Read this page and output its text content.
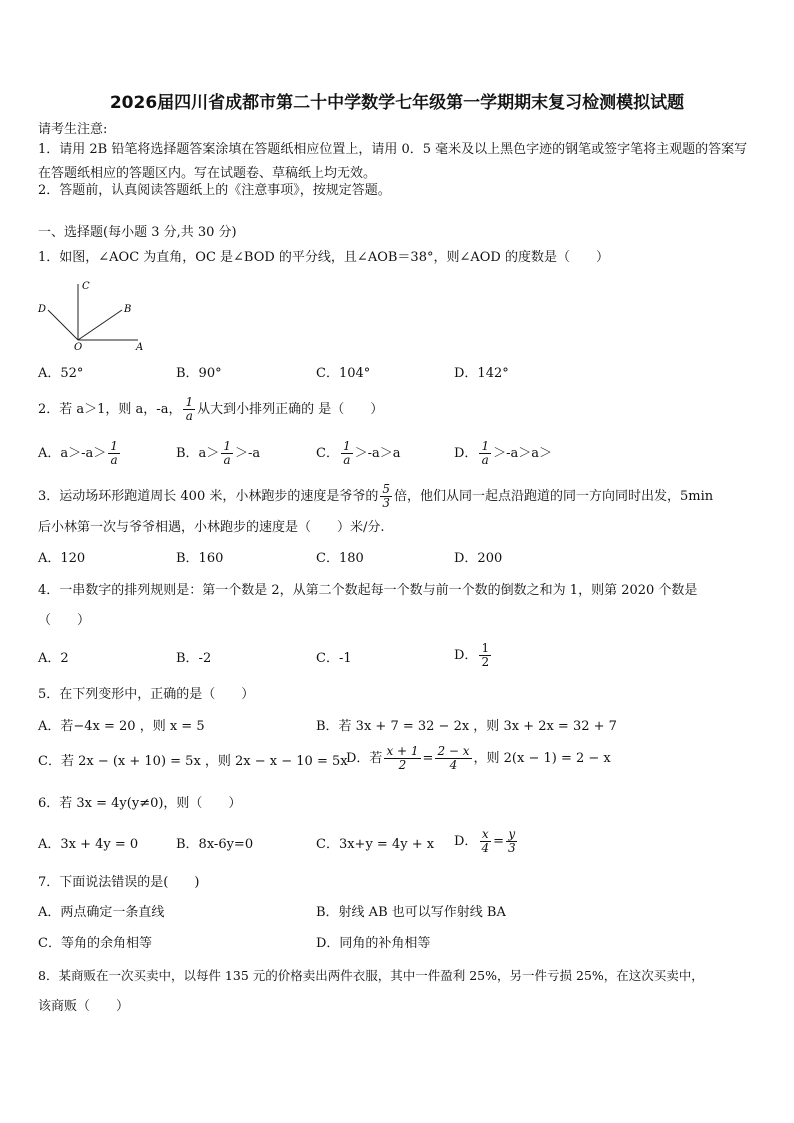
2026届四川省成都市第二十中学数学七年级第一学期期末复习检测模拟试题
请考生注意:
1．请用 2B 铅笔将选择题答案涂填在答题纸相应位置上，请用 0．5 毫米及以上黑色字迹的钢笔或签字笔将主观题的答案写在答题纸相应的答题区内。写在试题卷、草稿纸上均无效。
2．答题前，认真阅读答题纸上的《注意事项》，按规定答题。
一、选择题(每小题 3 分,共 30 分)
1．如图，∠AOC 为直角，OC 是∠BOD 的平分线，且∠AOB＝38°，则∠AOD 的度数是（　　）
C
D	B
O	A
A．52°	B．90°	C．104°	D．142°
2．若 a＞1，则 a，-a， $\frac{1}{a}$ 从大到小排列正确的 是（　　）
A．$a>-a> \frac{1}{a}$	B．$a> \frac{1}{a} >-a$	C． $\frac{1}{a} >-a>a$	D． $\frac{1}{a} >-a>a>$
3．运动场环形跑道周长 400 米，小林跑步的速度是爷爷的 $\frac{5}{3}$ 倍，他们从同一起点沿跑道的同一方向同时出发，5min
后小林第一次与爷爷相遇，小林跑步的速度是（　　）米/分.
A．120	B．160	C．180	D．200
4．一串数字的排列规则是：第一个数是 2，从第二个数起每一个数与前一个数的倒数之和为 1，则第 2020 个数是
（　　）
A．2	B．-2	C．-1	D． $\frac{1}{2}$
5．在下列变形中，正确的是（　　）
A．若−4x = 20 ，则 x = 5	B．若 3x + 7 = 32 − 2x ，则 3x + 2x = 32 + 7
C．若 2x − (x + 10) = 5x ，则 2x − x − 10 = 5x
D．若 $\frac{x + 1}{2} = \frac{2 - x}{4}$ ，则 2(x − 1) = 2 − x
6．若 3x = 4y(y≠0)，则（　　）
A．3x + 4y = 0	B．8x-6y=0	C．3x+y = 4y + x D． $\frac{x}{4} = \frac{y}{3}$
7．下面说法错误的是(　　)
A．两点确定一条直线	B．射线 AB 也可以写作射线 BA
C．等角的余角相等	D．同角的补角相等
8．某商贩在一次买卖中，以每件 135 元的价格卖出两件衣服，其中一件盈利 25%，另一件亏损 25%，在这次买卖中，
该商贩（　　）
